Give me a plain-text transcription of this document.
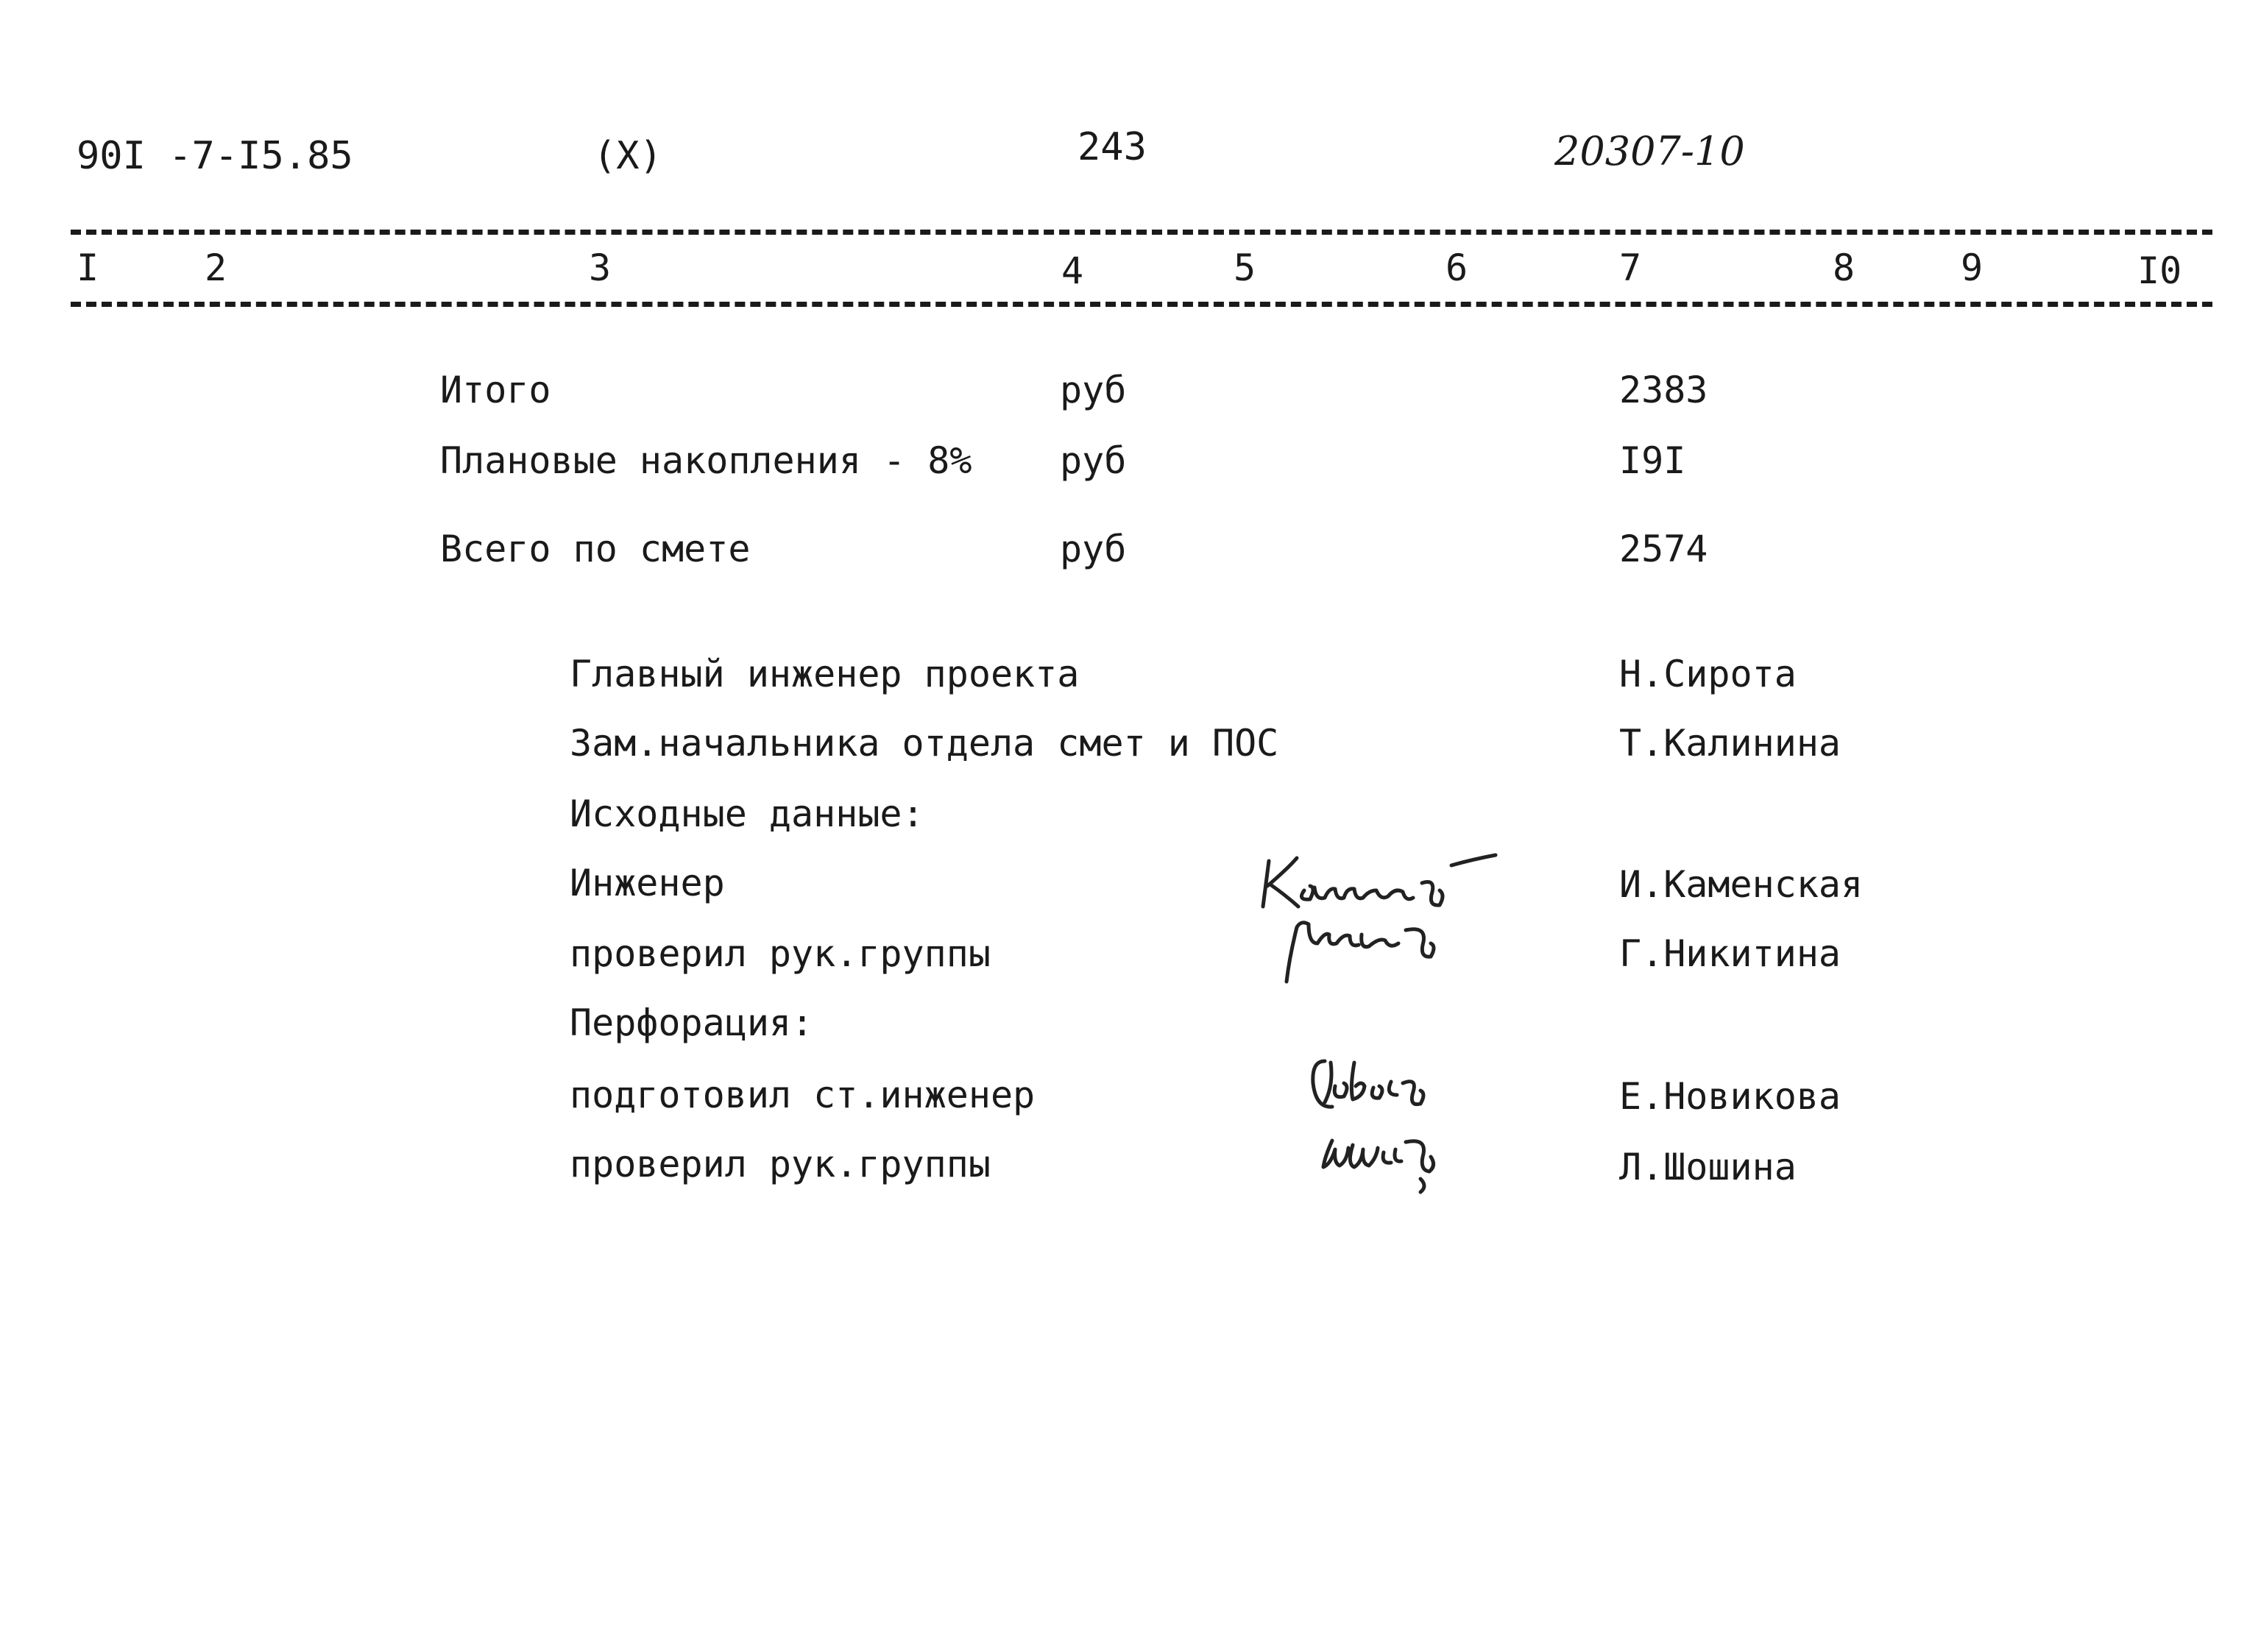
90I -7-I5.85	(X)	243	20307-10
I	2	3	4	5	6	7	8	9	I0
Итого	руб	2383
Плановые накопления - 8% руб	I9I
Всего по смете	руб	2574
Главный инженер проекта	Н.Сирота
Зам.начальника отдела смет и ПОС	Т.Калинина
Исходные данные:
Инженер	И.Каменская
проверил рук.группы	Г.Никитина
Перфорация:
подготовил ст.инженер	Е.Новикова
проверил рук.группы	Л.Шошина
